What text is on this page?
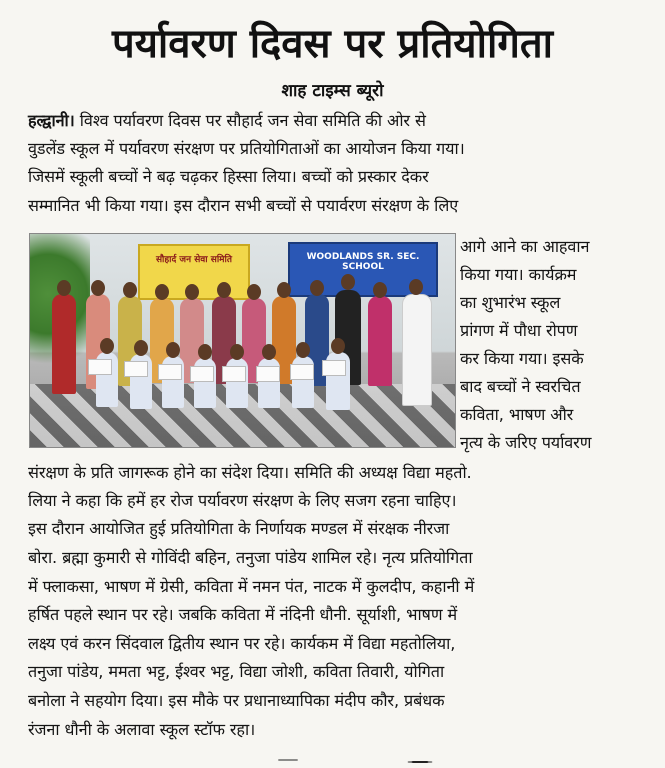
पर्यावरण दिवस पर प्रतियोगिता
शाह टाइम्स ब्यूरो
हल्द्वानी। विश्व पर्यावरण दिवस पर सौहार्द जन सेवा समिति की ओर से
वुडलेंड स्कूल में पर्यावरण संरक्षण पर प्रतियोगिताओं का आयोजन किया गया।
जिसमें स्कूली बच्चों ने बढ़ चढ़कर हिस्सा लिया। बच्चों को प्रस्कार देकर
सम्मानित भी किया गया। इस दौरान सभी बच्चों से पयार्वरण संरक्षण के लिए
सौहार्द जन सेवा समिति	WOODLANDS SR. SEC. SCHOOL
आगे आने का आहवान
किया गया। कार्यक्रम
का शुभारंभ स्कूल
प्रांगण में पौधा रोपण
कर किया गया। इसके
बाद बच्चों ने स्वरचित
कविता, भाषण और
नृत्य के जरिए पर्यावरण
संरक्षण के प्रति जागरूक होने का संदेश दिया। समिति की अध्यक्ष विद्या महतो.
लिया ने कहा कि हमें हर रोज पर्यावरण संरक्षण के लिए सजग रहना चाहिए।
इस दौरान आयोजित हुई प्रतियोगिता के निर्णायक मण्डल में संरक्षक नीरजा
बोरा. ब्रह्मा कुमारी से गोविंदी बहिन, तनुजा पांडेय शामिल रहे। नृत्य प्रतियोगिता
में फ्लाकसा, भाषण में ग्रेसी, कविता में नमन पंत, नाटक में कुलदीप, कहानी में
हर्षित पहले स्थान पर रहे। जबकि कविता में नंदिनी धौनी. सूर्याशी, भाषण में
लक्ष्य एवं करन सिंदवाल द्वितीय स्थान पर रहे। कार्यकम में विद्या महतोलिया,
तनुजा पांडेय, ममता भट्ट, ईश्वर भट्ट, विद्या जोशी, कविता तिवारी, योगिता
बनोला ने सहयोग दिया। इस मौके पर प्रधानाध्यापिका मंदीप कौर, प्रबंधक
रंजना धौनी के अलावा स्कूल स्टॉफ रहा।
